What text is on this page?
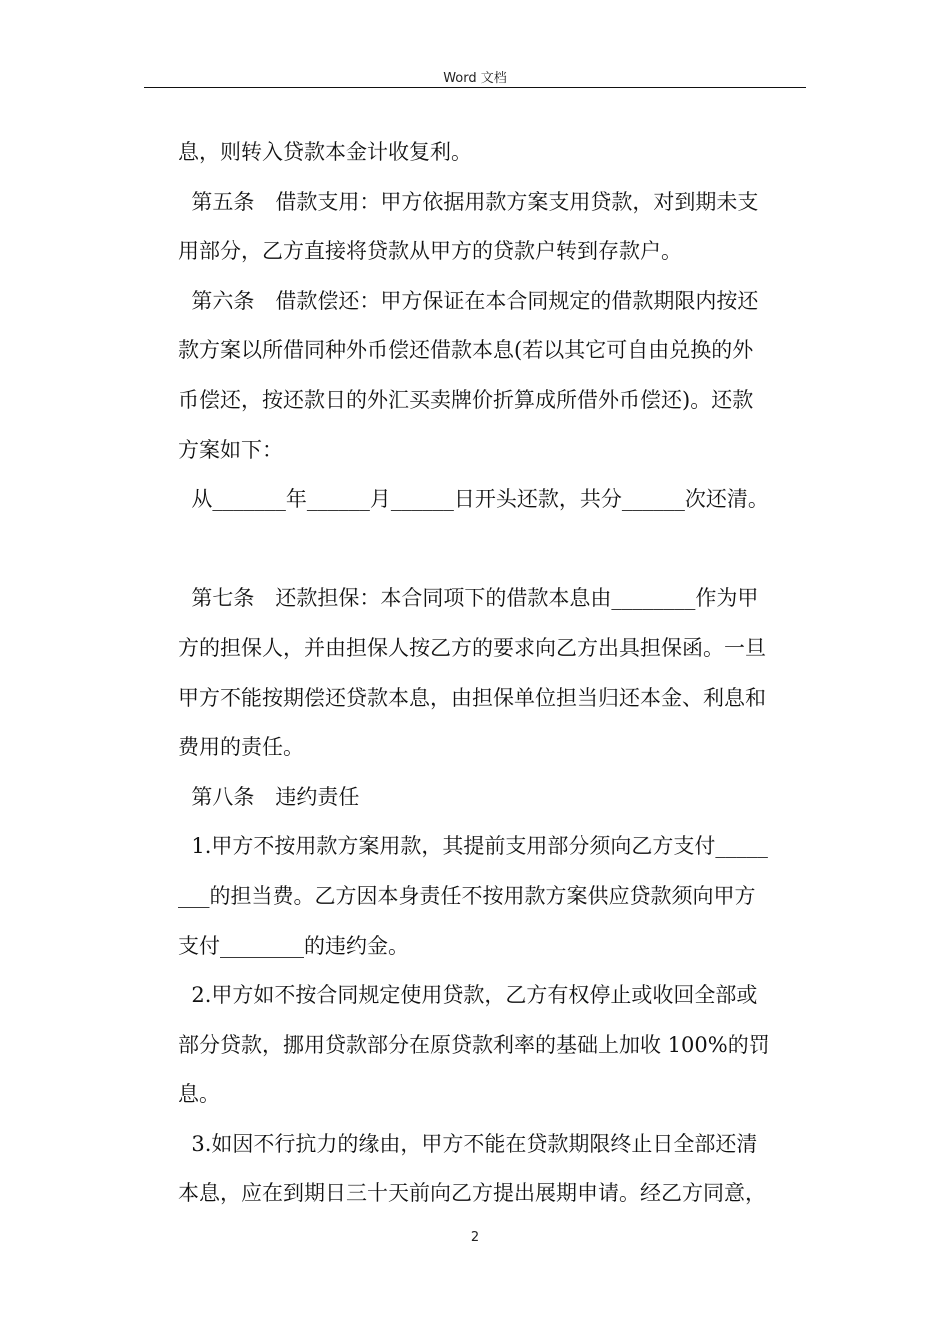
Word 文档
息，则转入贷款本金计收复利。
第五条　借款支用：甲方依据用款方案支用贷款，对到期未支
用部分，乙方直接将贷款从甲方的贷款户转到存款户。
第六条　借款偿还：甲方保证在本合同规定的借款期限内按还
款方案以所借同种外币偿还借款本息(若以其它可自由兑换的外
币偿还，按还款日的外汇买卖牌价折算成所借外币偿还)。还款
方案如下：
从_______年______月______日开头还款，共分______次还清。
第七条　还款担保：本合同项下的借款本息由________作为甲
方的担保人，并由担保人按乙方的要求向乙方出具担保函。一旦
甲方不能按期偿还贷款本息，由担保单位担当归还本金、利息和
费用的责任。
第八条　违约责任
1.甲方不按用款方案用款，其提前支用部分须向乙方支付_____
___的担当费。乙方因本身责任不按用款方案供应贷款须向甲方
支付________的违约金。
2.甲方如不按合同规定使用贷款，乙方有权停止或收回全部或
部分贷款，挪用贷款部分在原贷款利率的基础上加收 100%的罚
息。
3.如因不行抗力的缘由，甲方不能在贷款期限终止日全部还清
本息，应在到期日三十天前向乙方提出展期申请。经乙方同意，
2
